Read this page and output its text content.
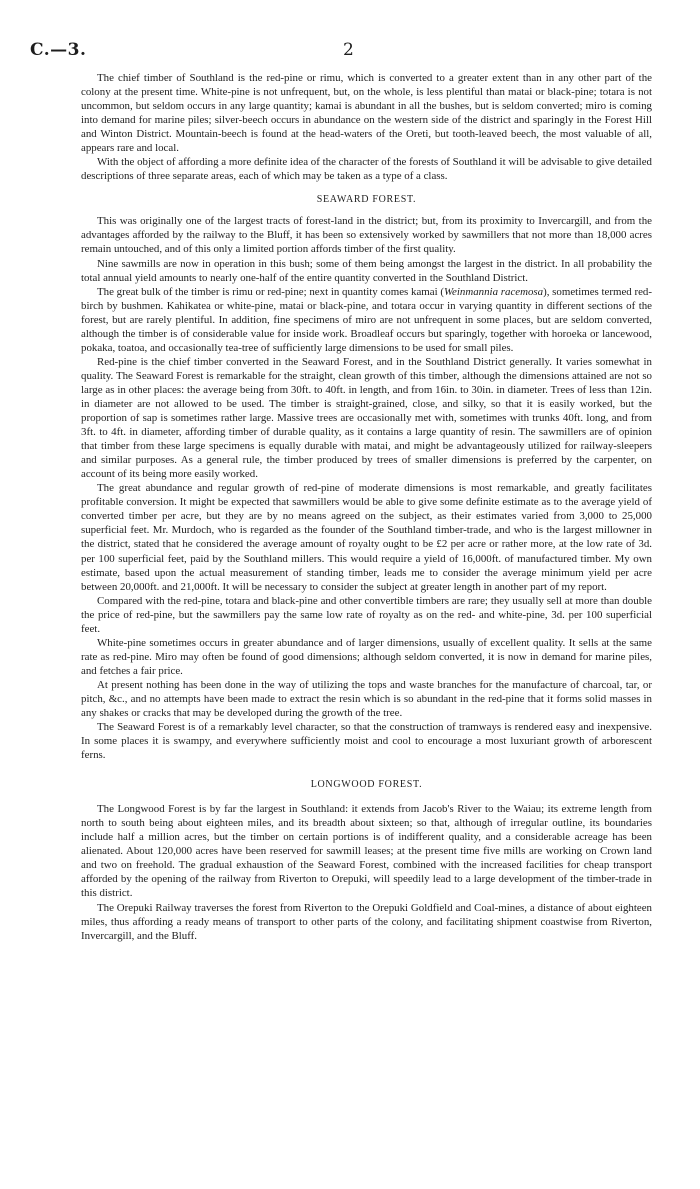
C.—3.	2

The chief timber of Southland is the red-pine or rimu, which is converted to a greater extent than in any other part of the colony at the present time. White-pine is not unfrequent, but, on the whole, is less plentiful than matai or black-pine; totara is not uncommon, but seldom occurs in any large quantity; kamai is abundant in all the bushes, but is seldom converted; miro is coming into demand for marine piles; silver-beech occurs in abundance on the western side of the district and sparingly in the Forest Hill and Winton District. Mountain-beech is found at the head-waters of the Oreti, but tooth-leaved beech, the most valuable of all, appears rare and local.

With the object of affording a more definite idea of the character of the forests of Southland it will be advisable to give detailed descriptions of three separate areas, each of which may be taken as a type of a class.

SEAWARD FOREST.

This was originally one of the largest tracts of forest-land in the district; but, from its proximity to Invercargill, and from the advantages afforded by the railway to the Bluff, it has been so extensively worked by sawmillers that not more than 18,000 acres remain untouched, and of this only a limited portion affords timber of the first quality.

Nine sawmills are now in operation in this bush; some of them being amongst the largest in the district. In all probability the total annual yield amounts to nearly one-half of the entire quantity converted in the Southland District.

The great bulk of the timber is rimu or red-pine; next in quantity comes kamai (Weinmannia racemosa), sometimes termed red-birch by bushmen. Kahikatea or white-pine, matai or black-pine, and totara occur in varying quantity in different sections of the forest, but are rarely plentiful. In addition, fine specimens of miro are not unfrequent in some places, but are seldom converted, although the timber is of considerable value for inside work. Broadleaf occurs but sparingly, together with horoeka or lancewood, pokaka, toatoa, and occasionally tea-tree of sufficiently large dimensions to be used for small piles.

Red-pine is the chief timber converted in the Seaward Forest, and in the Southland District generally. It varies somewhat in quality. The Seaward Forest is remarkable for the straight, clean growth of this timber, although the dimensions attained are not so large as in other places: the average being from 30ft. to 40ft. in length, and from 16in. to 30in. in diameter. Trees of less than 12in. in diameter are not allowed to be used. The timber is straight-grained, close, and silky, so that it is easily worked, but the proportion of sap is sometimes rather large. Massive trees are occasionally met with, sometimes with trunks 40ft. long, and from 3ft. to 4ft. in diameter, affording timber of durable quality, as it contains a large quantity of resin. The sawmillers are of opinion that timber from these large specimens is equally durable with matai, and might be advantageously utilized for railway-sleepers and similar purposes. As a general rule, the timber produced by trees of smaller dimensions is preferred by the carpenter, on account of its being more easily worked.

The great abundance and regular growth of red-pine of moderate dimensions is most remarkable, and greatly facilitates profitable conversion. It might be expected that sawmillers would be able to give some definite estimate as to the average yield of converted timber per acre, but they are by no means agreed on the subject, as their estimates varied from 3,000 to 25,000 superficial feet. Mr. Murdoch, who is regarded as the founder of the Southland timber-trade, and who is the largest millowner in the district, stated that he considered the average amount of royalty ought to be £2 per acre or rather more, at the low rate of 3d. per 100 superficial feet, paid by the Southland millers. This would require a yield of 16,000ft. of manufactured timber. My own estimate, based upon the actual measurement of standing timber, leads me to consider the average minimum yield per acre between 20,000ft. and 21,000ft. It will be necessary to consider the subject at greater length in another part of my report.

Compared with the red-pine, totara and black-pine and other convertible timbers are rare; they usually sell at more than double the price of red-pine, but the sawmillers pay the same low rate of royalty as on the red- and white-pine, 3d. per 100 superficial feet.

White-pine sometimes occurs in greater abundance and of larger dimensions, usually of excellent quality. It sells at the same rate as red-pine. Miro may often be found of good dimensions; although seldom converted, it is now in demand for marine piles, and fetches a fair price.

At present nothing has been done in the way of utilizing the tops and waste branches for the manufacture of charcoal, tar, or pitch, &c., and no attempts have been made to extract the resin which is so abundant in the red-pine that it forms solid masses in any shakes or cracks that may be developed during the growth of the tree.

The Seaward Forest is of a remarkably level character, so that the construction of tramways is rendered easy and inexpensive. In some places it is swampy, and everywhere sufficiently moist and cool to encourage a most luxuriant growth of arborescent ferns.

LONGWOOD FOREST.

The Longwood Forest is by far the largest in Southland: it extends from Jacob's River to the Waiau; its extreme length from north to south being about eighteen miles, and its breadth about sixteen; so that, although of irregular outline, its boundaries include half a million acres, but the timber on certain portions is of indifferent quality, and a considerable acreage has been alienated. About 120,000 acres have been reserved for sawmill leases; at the present time five mills are working on Crown land and two on freehold. The gradual exhaustion of the Seaward Forest, combined with the increased facilities for cheap transport afforded by the opening of the railway from Riverton to Orepuki, will speedily lead to a large development of the timber-trade in this district.

The Orepuki Railway traverses the forest from Riverton to the Orepuki Goldfield and Coal-mines, a distance of about eighteen miles, thus affording a ready means of transport to other parts of the colony, and facilitating shipment coastwise from Riverton, Invercargill, and the Bluff.
